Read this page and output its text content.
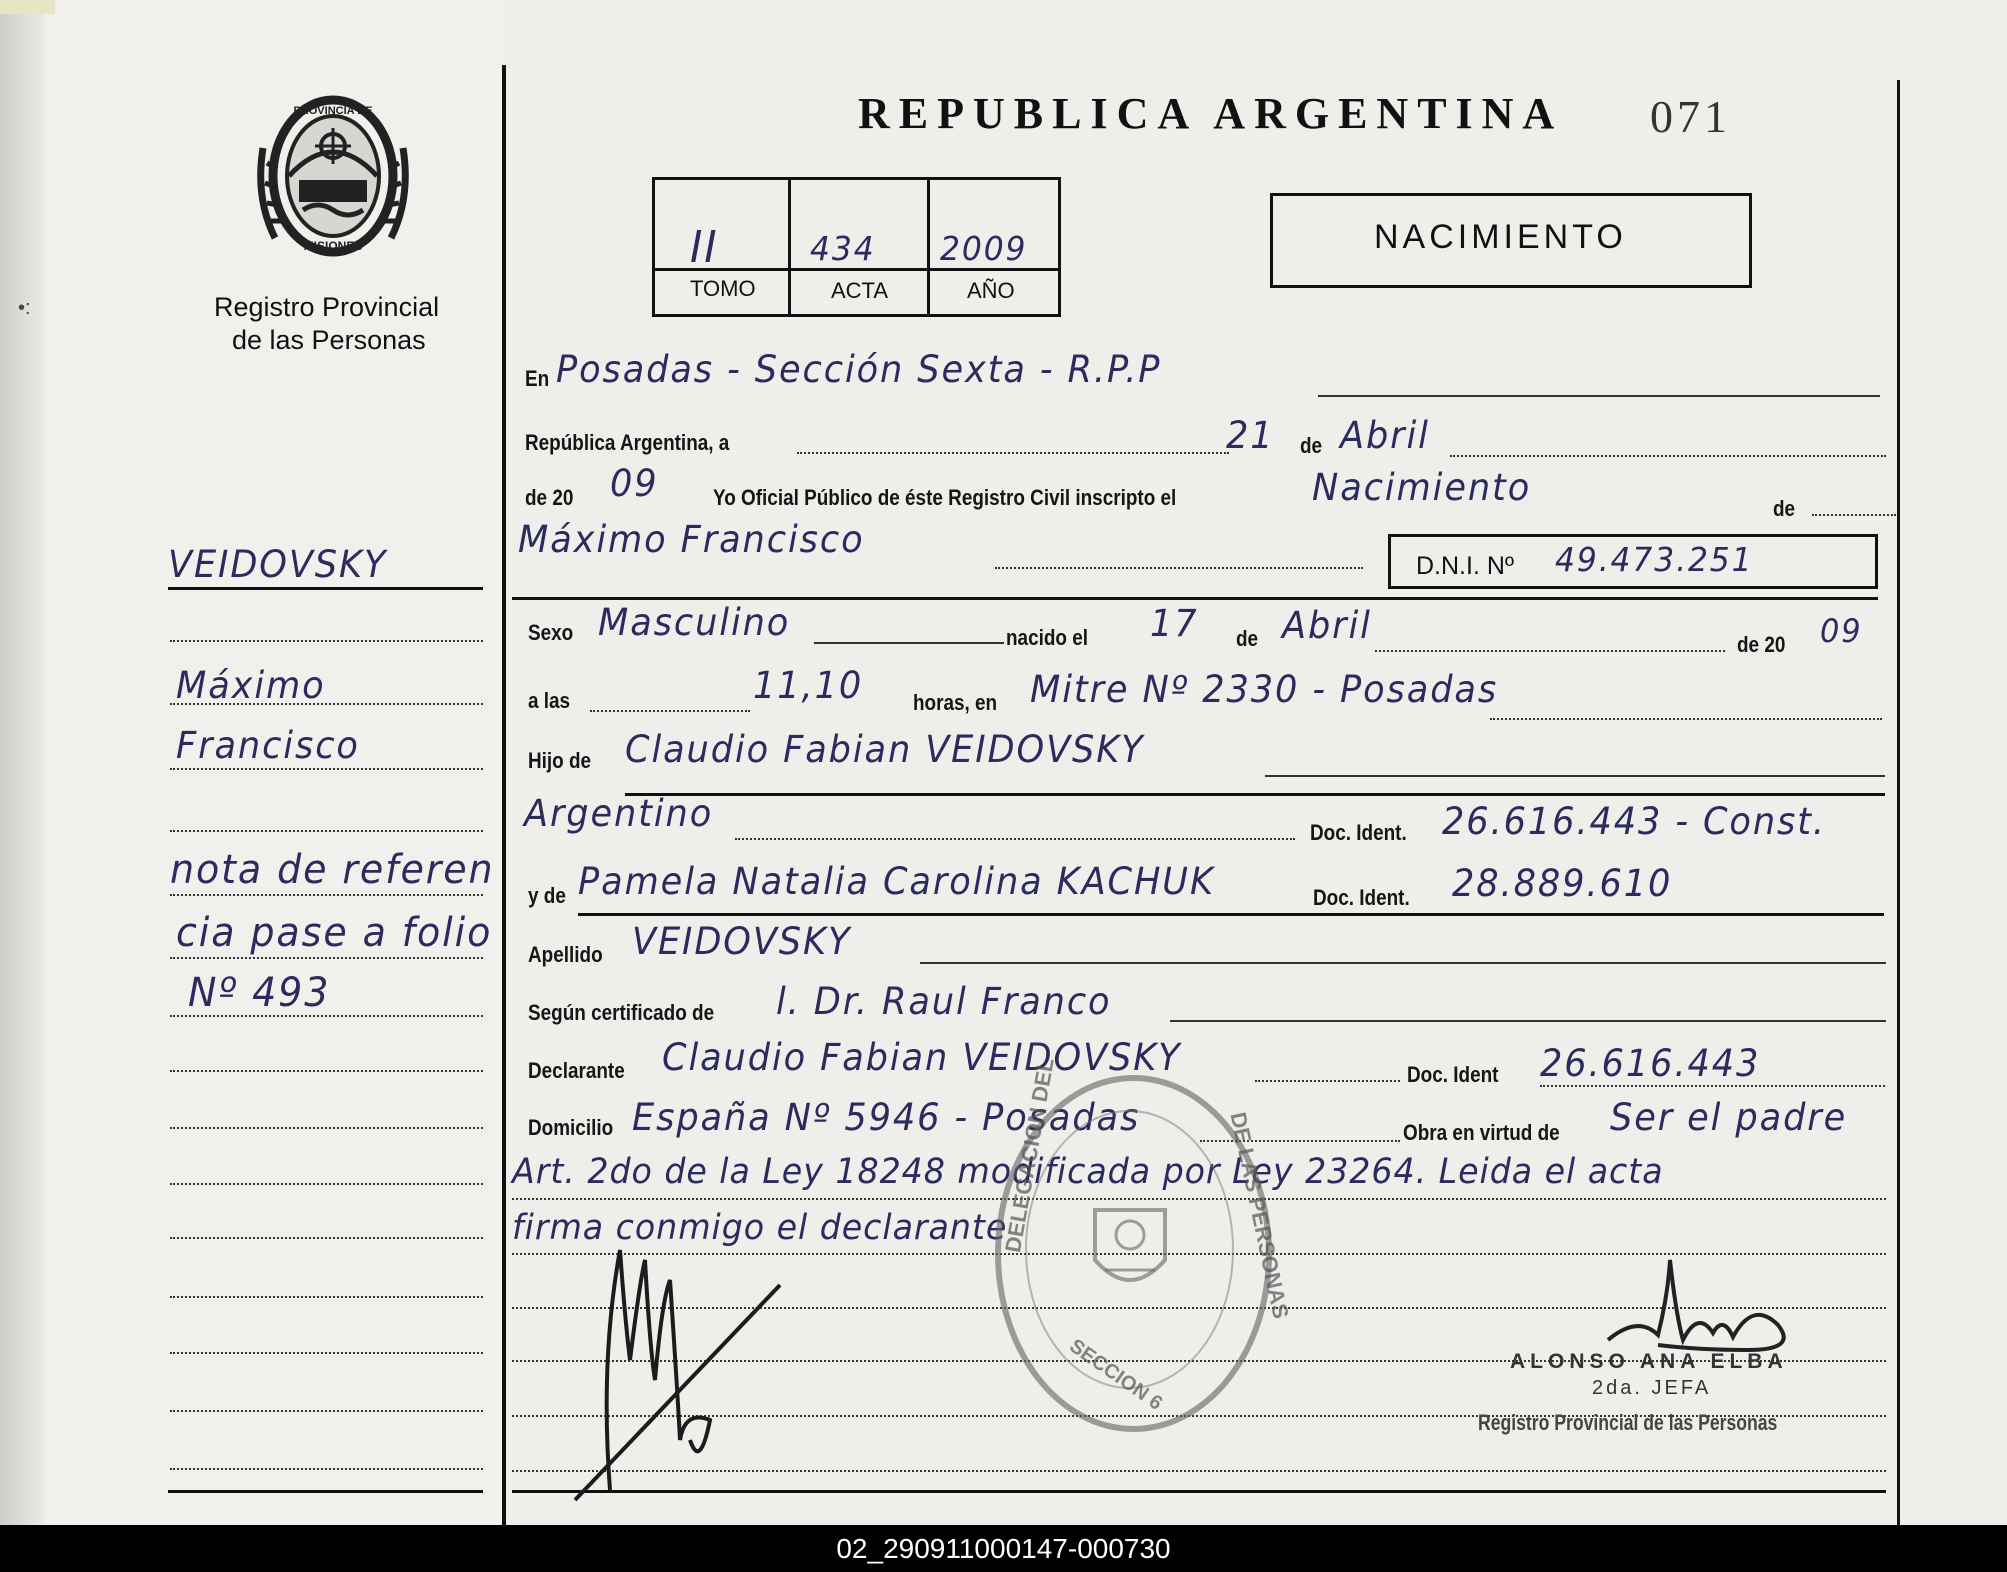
•:
PROVINCIA DE
MISIONES
Registro Provincial
de las Personas
REPUBLICA ARGENTINA 071
II	434 2009
TOMO	ACTA	AÑO
NACIMIENTO
VEIDOVSKY
Máximo
Francisco
nota de referen
cia pase a folio
Nº 493
En Posadas - Sección Sexta - R.P.P
República Argentina, a	21 de Abril
de 20 09 Yo Oficial Público de éste Registro Civil inscripto el	Nacimiento	de
Máximo Francisco
D.N.I. Nº 49.473.251
Sexo Masculino	nacido el 17 de Abril	de 20 09
a las	11,10 horas, en Mitre Nº 2330 - Posadas
Hijo de Claudio Fabian VEIDOVSKY
Argentino	Doc. Ident. 26.616.443 - Const.
y de Pamela Natalia Carolina KACHUK	Doc. Ident. 28.889.610
Apellido VEIDOVSKY
Según certificado de l. Dr. Raul Franco
Declarante Claudio Fabian VEIDOVSKY	Doc. Ident 26.616.443
Domicilio España Nº 5946 - Posadas	Obra en virtud de Ser el padre
Art. 2do de la Ley 18248 modificada por Ley 23264. Leida el acta
firma conmigo el declarante
DELEGACION DEL	DE LAS PERSONAS
SECCION 6	ALONSO ANA ELBA
2da. JEFA
Registro Provincial de las Personas
02_290911000147-000730
